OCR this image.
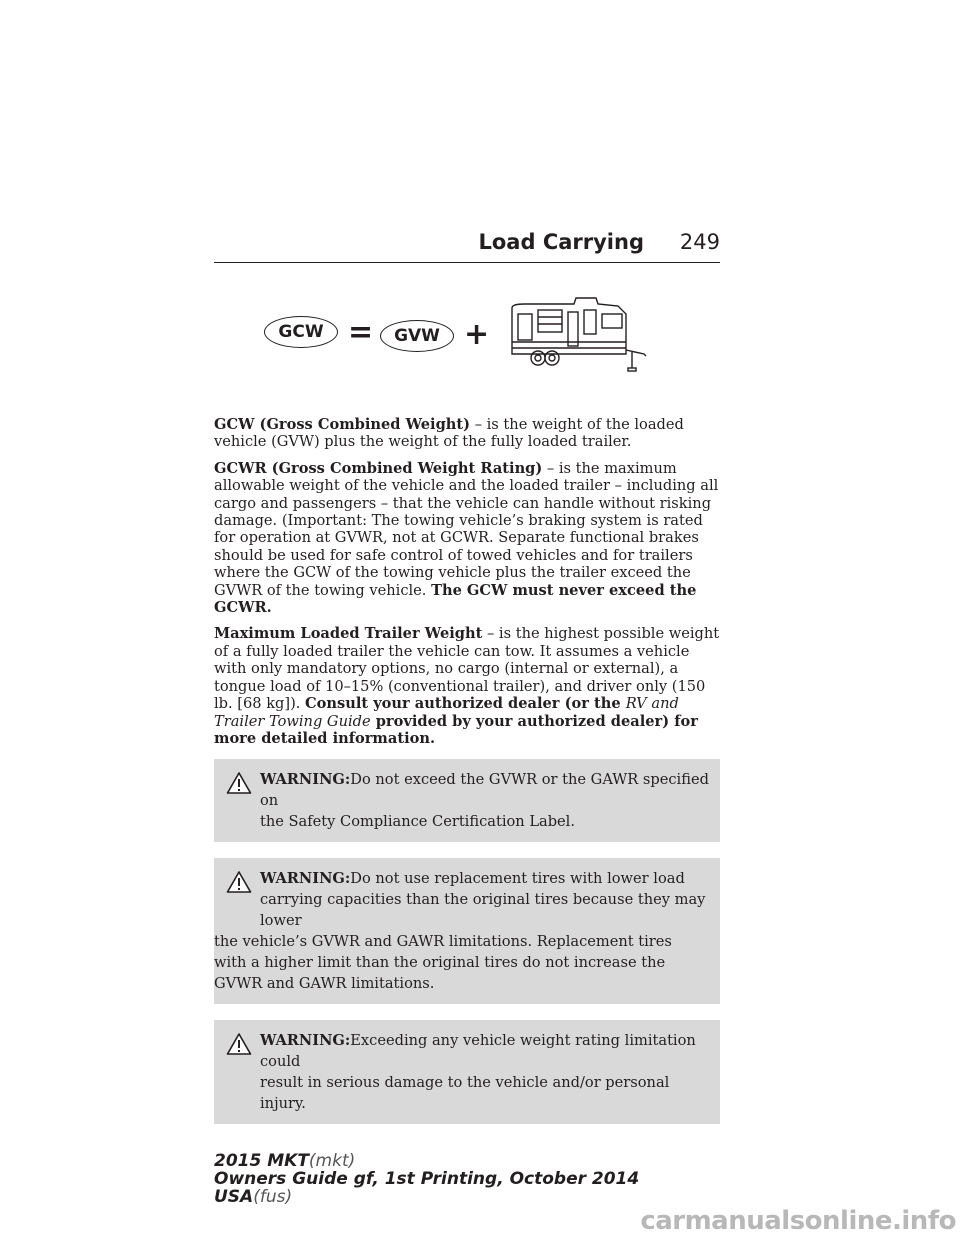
Load Carrying 249
GCW =	GVW +

GCW (Gross Combined Weight) – is the weight of the loaded vehicle (GVW) plus the weight of the fully loaded trailer.

GCWR (Gross Combined Weight Rating) – is the maximum allowable weight of the vehicle and the loaded trailer – including all cargo and passengers – that the vehicle can handle without risking damage. (Important: The towing vehicle’s braking system is rated for operation at GVWR, not at GCWR. Separate functional brakes should be used for safe control of towed vehicles and for trailers where the GCW of the towing vehicle plus the trailer exceed the GVWR of the towing vehicle. The GCW must never exceed the GCWR.

Maximum Loaded Trailer Weight – is the highest possible weight of a fully loaded trailer the vehicle can tow. It assumes a vehicle with only mandatory options, no cargo (internal or external), a tongue load of 10–15% (conventional trailer), and driver only (150 lb. [68 kg]). Consult your authorized dealer (or the RV and Trailer Towing Guide provided by your authorized dealer) for more detailed information.

WARNING:Do not exceed the GVWR or the GAWR specified on
the Safety Compliance Certification Label.
WARNING:Do not use replacement tires with lower load
carrying capacities than the original tires because they may lower
the vehicle’s GVWR and GAWR limitations. Replacement tires with a higher limit than the original tires do not increase the GVWR and GAWR limitations.
WARNING:Exceeding any vehicle weight rating limitation could
result in serious damage to the vehicle and/or personal injury.
2015 MKT(mkt)
Owners Guide gf, 1st Printing, October 2014
USA(fus)
carmanualsonline.info
